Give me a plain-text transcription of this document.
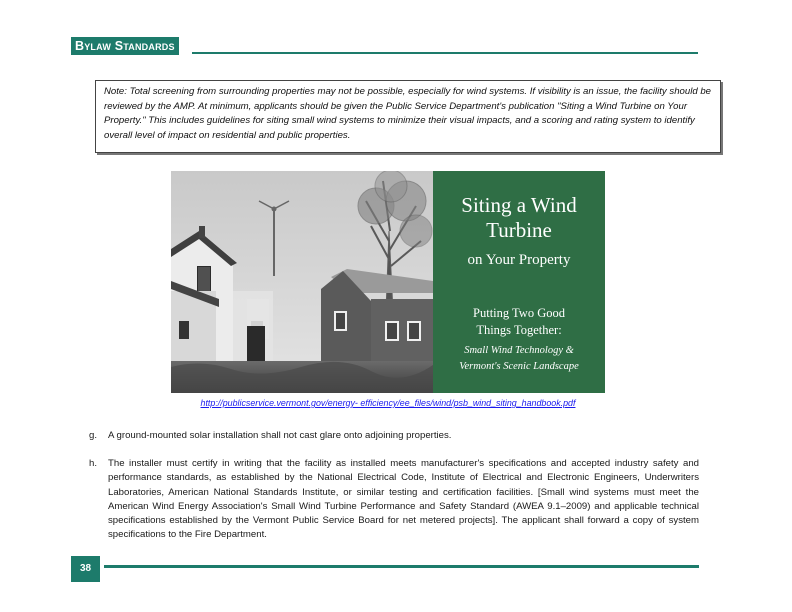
Bylaw Standards
Note: Total screening from surrounding properties may not be possible, especially for wind systems. If visibility is an issue, the facility should be reviewed by the AMP. At minimum, applicants should be given the Public Service Department's publication "Siting a Wind Turbine on Your Property." This includes guidelines for siting small wind systems to minimize their visual impacts, and a scoring and rating system to identify overall level of impact on residential and public properties.
Siting a Wind
Turbine
on Your Property
Putting Two Good
Things Together:
Small Wind Technology &
Vermont's Scenic Landscape
http://publicservice.vermont.gov/energy- efficiency/ee_files/wind/psb_wind_siting_handbook.pdf
g. A ground-mounted solar installation shall not cast glare onto adjoining properties.
h. The installer must certify in writing that the facility as installed meets manufacturer's specifications and accepted industry safety and performance standards, as established by the National Electrical Code, Institute of Electrical and Electronic Engineers, Underwriters Laboratories, American National Standards Institute, or similar testing and certification facilities. [Small wind systems must meet the American Wind Energy Association's Small Wind Turbine Performance and Safety Standard (AWEA 9.1–2009) and applicable technical specifications established by the Vermont Public Service Board for net metered projects]. The applicant shall forward a copy of system specifications to the Fire Department.
38
